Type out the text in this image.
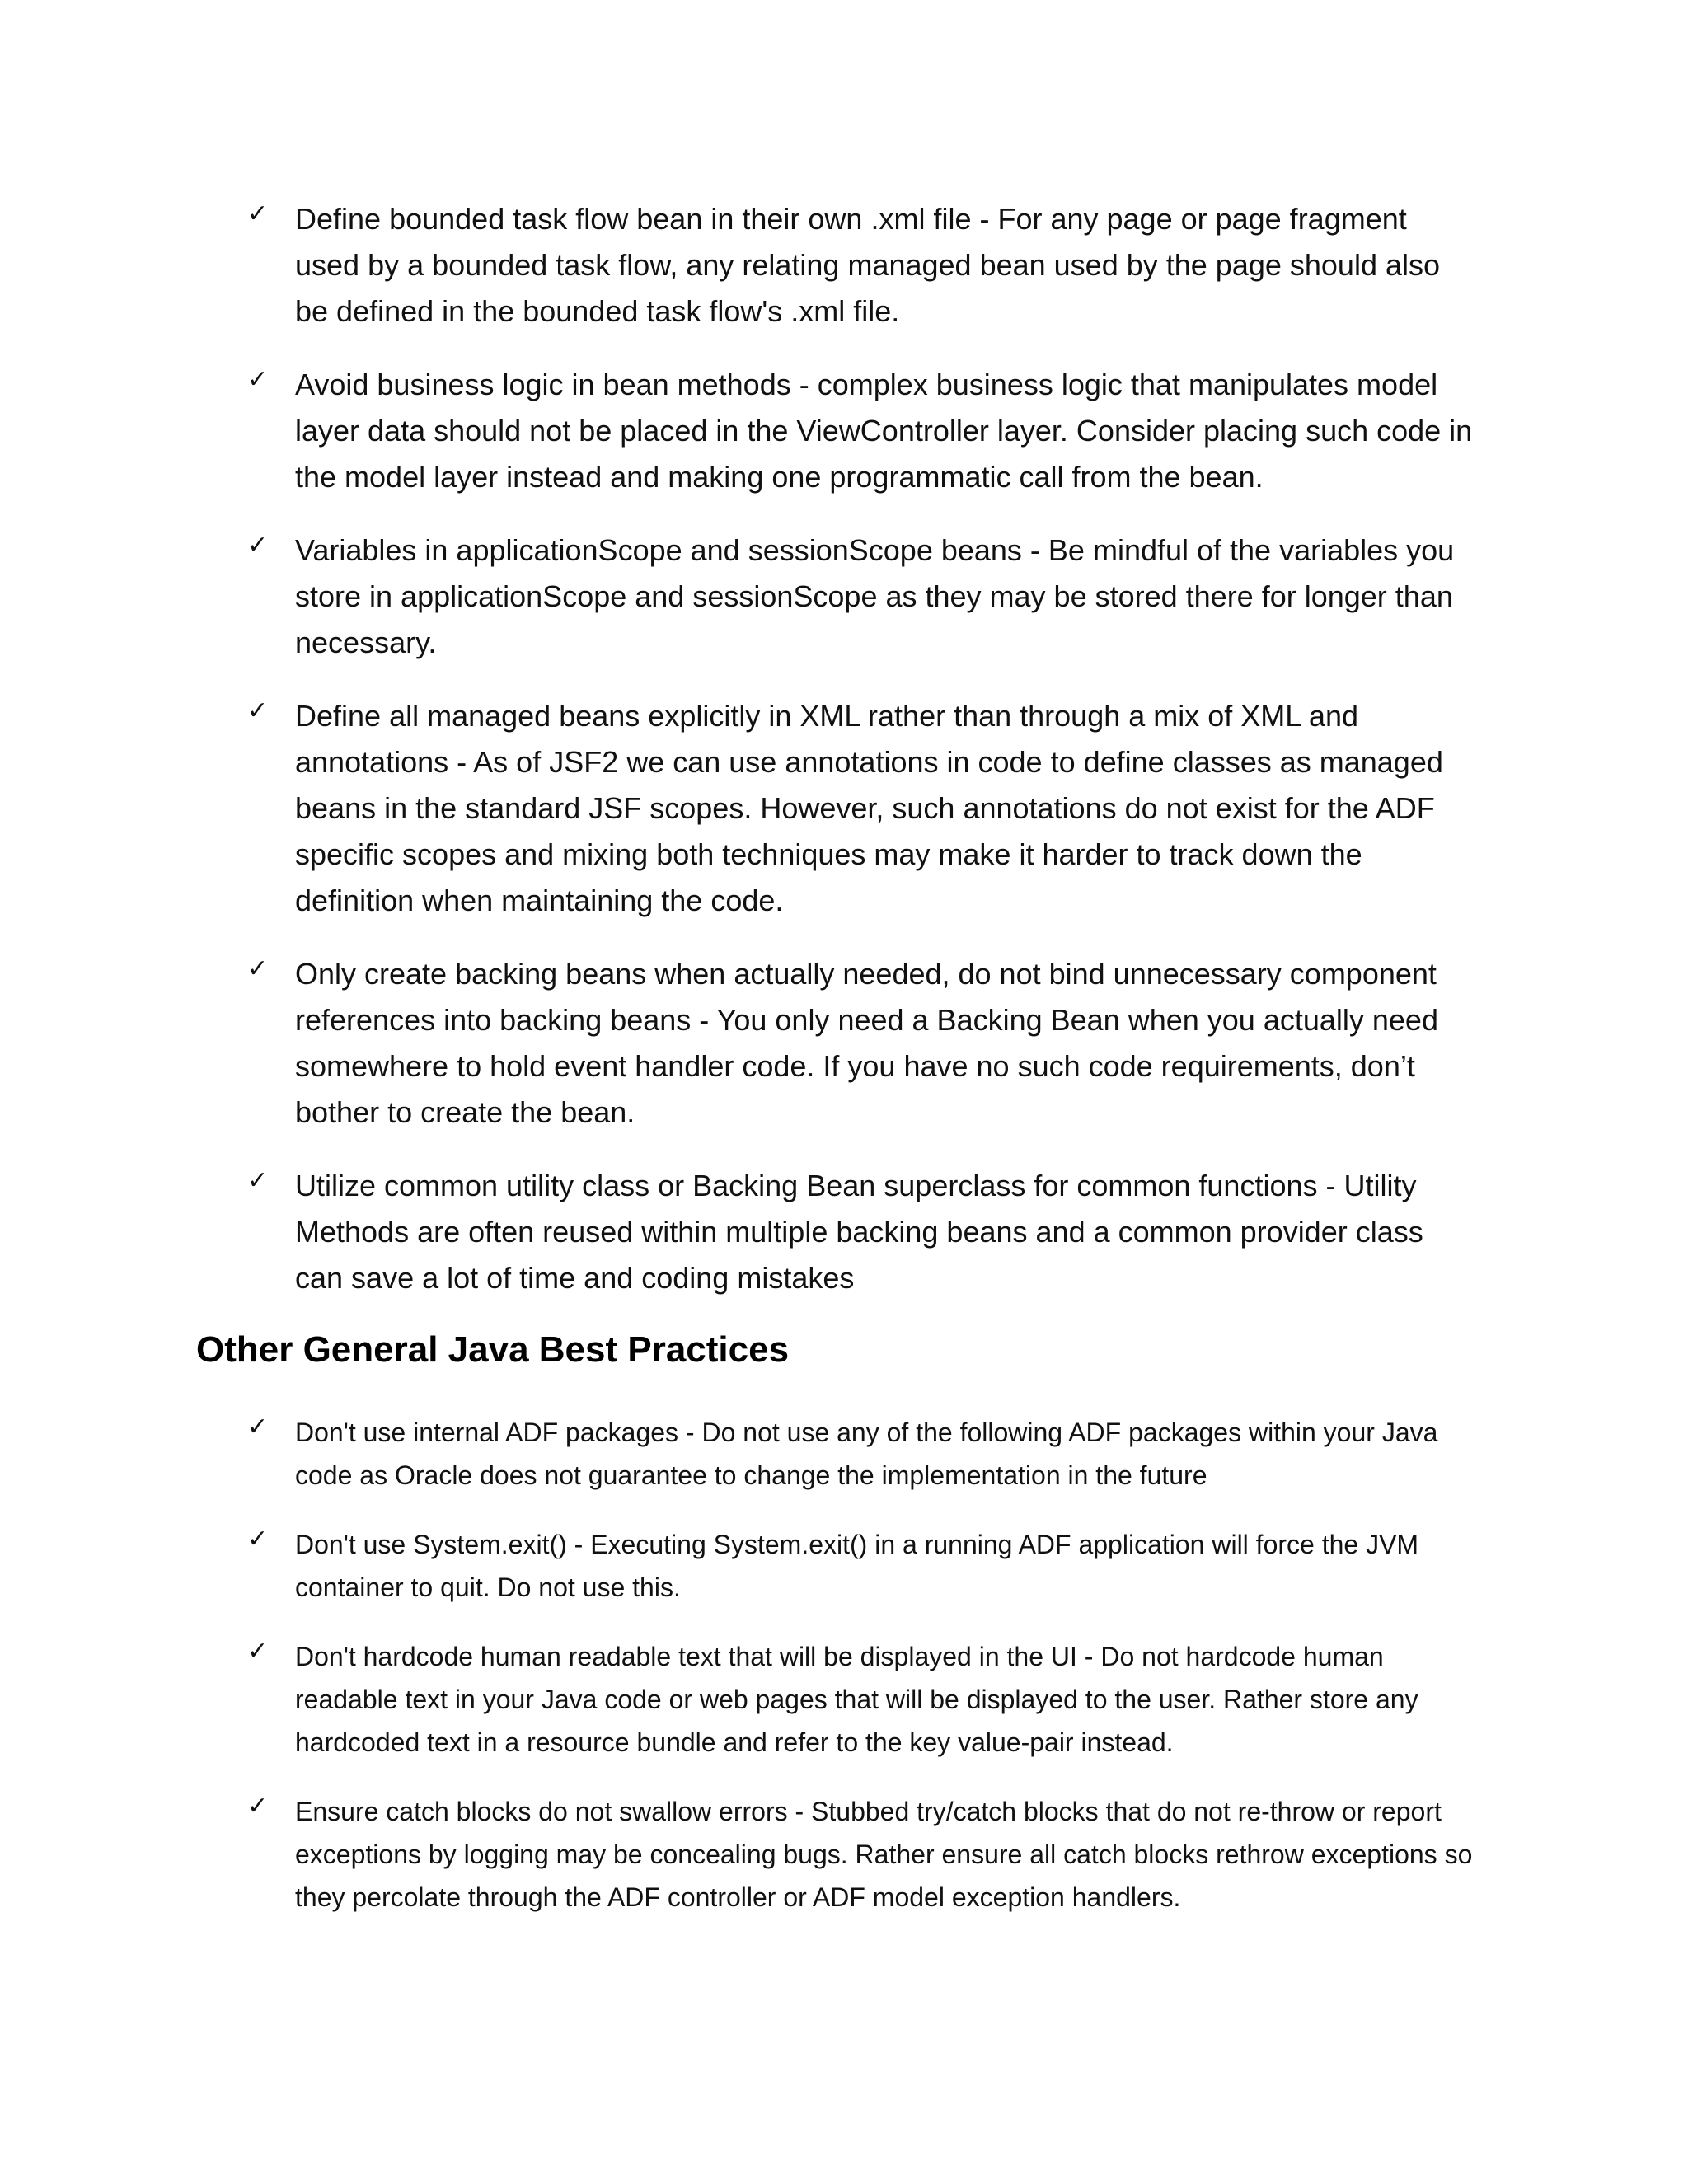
✓ Define bounded task flow bean in their own .xml file - For any page or page fragment used by a bounded task flow, any relating managed bean used by the page should also be defined in the bounded task flow's .xml file.
✓ Avoid business logic in bean methods - complex business logic that manipulates model layer data should not be placed in the ViewController layer. Consider placing such code in the model layer instead and making one programmatic call from the bean.
✓ Variables in applicationScope and sessionScope beans - Be mindful of the variables you store in applicationScope and sessionScope as they may be stored there for longer than necessary.
✓ Define all managed beans explicitly in XML rather than through a mix of XML and annotations - As of JSF2 we can use annotations in code to define classes as managed beans in the standard JSF scopes. However, such annotations do not exist for the ADF specific scopes and mixing both techniques may make it harder to track down the definition when maintaining the code.
✓ Only create backing beans when actually needed, do not bind unnecessary component references into backing beans - You only need a Backing Bean when you actually need somewhere to hold event handler code. If you have no such code requirements, don’t bother to create the bean.
✓ Utilize common utility class or Backing Bean superclass for common functions - Utility Methods are often reused within multiple backing beans and a common provider class can save a lot of time and coding mistakes
Other General Java Best Practices
✓ Don't use internal ADF packages - Do not use any of the following ADF packages within your Java code as Oracle does not guarantee to change the implementation in the future
✓ Don't use System.exit() - Executing System.exit() in a running ADF application will force the JVM container to quit. Do not use this.
✓ Don't hardcode human readable text that will be displayed in the UI - Do not hardcode human readable text in your Java code or web pages that will be displayed to the user. Rather store any hardcoded text in a resource bundle and refer to the key value-pair instead.
✓ Ensure catch blocks do not swallow errors - Stubbed try/catch blocks that do not re-throw or report exceptions by logging may be concealing bugs. Rather ensure all catch blocks rethrow exceptions so they percolate through the ADF controller or ADF model exception handlers.
